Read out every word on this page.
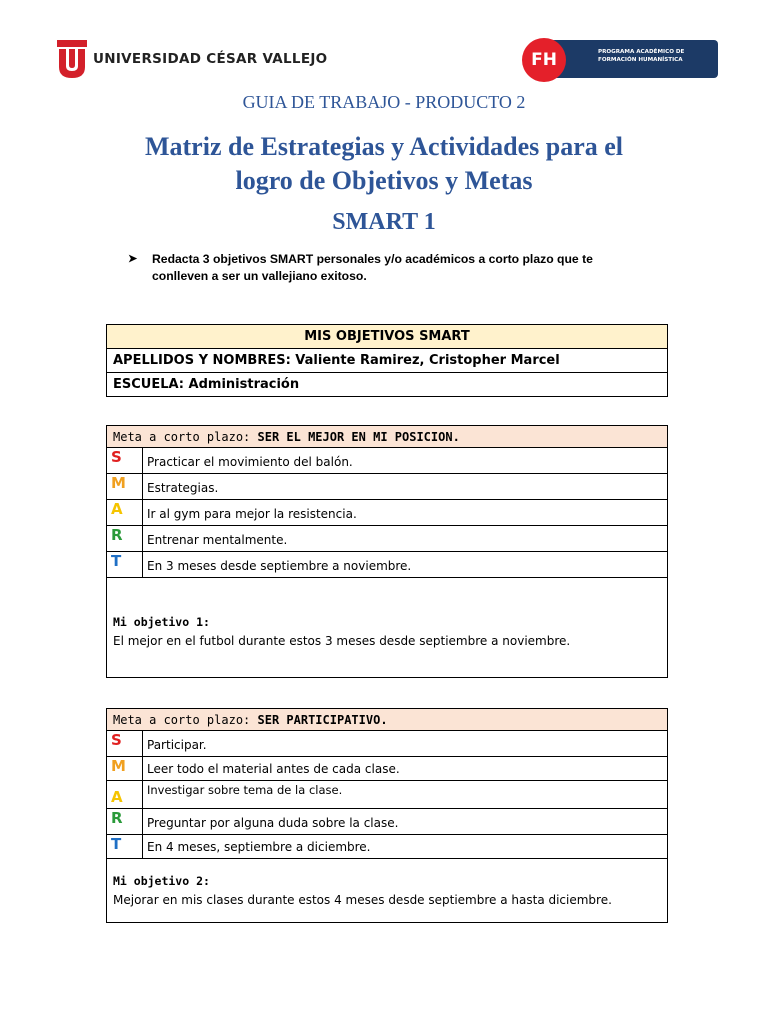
UNIVERSIDAD CÉSAR VALLEJO	FH	PROGRAMA ACADÉMICO DE
FORMACIÓN HUMANÍSTICA
GUIA DE TRABAJO - PRODUCTO 2
Matriz de Estrategias y Actividades para el
logro de Objetivos y Metas
SMART 1
➤	Redacta 3 objetivos SMART personales y/o académicos a corto plazo que te
conlleven a ser un vallejiano exitoso.
MIS OBJETIVOS SMART
APELLIDOS Y NOMBRES: Valiente Ramirez, Cristopher Marcel
ESCUELA: Administración
Meta a corto plazo: SER EL MEJOR EN MI POSICION.	
S	Practicar el movimiento del balón.
M	Estrategias.
A	Ir al gym para mejor la resistencia.
R	Entrenar mentalmente.
T	En 3 meses desde septiembre a noviembre.

Mi objetivo 1:
El mejor en el futbol durante estos 3 meses desde septiembre a noviembre.	
Meta a corto plazo: SER PARTICIPATIVO.	
S	Participar.
M	Leer todo el material antes de cada clase.
A	Investigar sobre tema de la clase.
R	Preguntar por alguna duda sobre la clase.
T	En 4 meses, septiembre a diciembre.

Mi objetivo 2:
Mejorar en mis clases durante estos 4 meses desde septiembre a hasta diciembre.	
